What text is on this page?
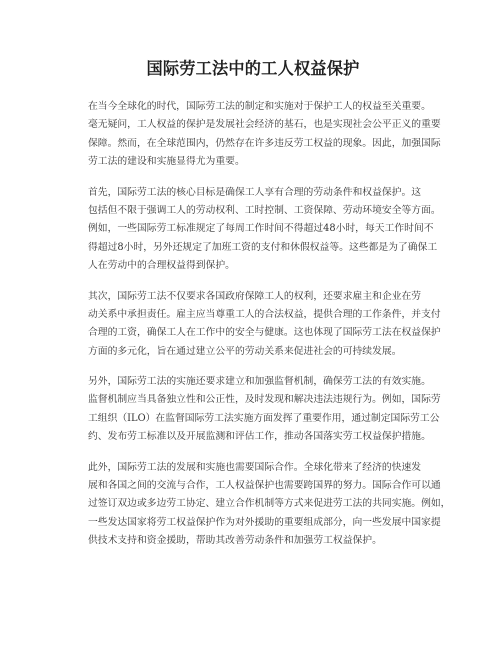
国际劳工法中的工人权益保护

在当今全球化的时代，国际劳工法的制定和实施对于保护工人的权益至关重要。
毫无疑问，工人权益的保护是发展社会经济的基石，也是实现社会公平正义的重要
保障。然而，在全球范围内，仍然存在许多违反劳工权益的现象。因此，加强国际
劳工法的建设和实施显得尤为重要。

首先，国际劳工法的核心目标是确保工人享有合理的劳动条件和权益保护。这
包括但不限于强调工人的劳动权利、工时控制、工资保障、劳动环境安全等方面。
例如，一些国际劳工标准规定了每周工作时间不得超过48小时，每天工作时间不
得超过8小时，另外还规定了加班工资的支付和休假权益等。这些都是为了确保工
人在劳动中的合理权益得到保护。

其次，国际劳工法不仅要求各国政府保障工人的权利，还要求雇主和企业在劳
动关系中承担责任。雇主应当尊重工人的合法权益，提供合理的工作条件，并支付
合理的工资，确保工人在工作中的安全与健康。这也体现了国际劳工法在权益保护
方面的多元化，旨在通过建立公平的劳动关系来促进社会的可持续发展。

另外，国际劳工法的实施还要求建立和加强监督机制，确保劳工法的有效实施。
监督机制应当具备独立性和公正性，及时发现和解决违法违规行为。例如，国际劳
工组织（ILO）在监督国际劳工法实施方面发挥了重要作用，通过制定国际劳工公
约、发布劳工标准以及开展监测和评估工作，推动各国落实劳工权益保护措施。

此外，国际劳工法的发展和实施也需要国际合作。全球化带来了经济的快速发
展和各国之间的交流与合作，工人权益保护也需要跨国界的努力。国际合作可以通
过签订双边或多边劳工协定、建立合作机制等方式来促进劳工法的共同实施。例如，
一些发达国家将劳工权益保护作为对外援助的重要组成部分，向一些发展中国家提
供技术支持和资金援助，帮助其改善劳动条件和加强劳工权益保护。
